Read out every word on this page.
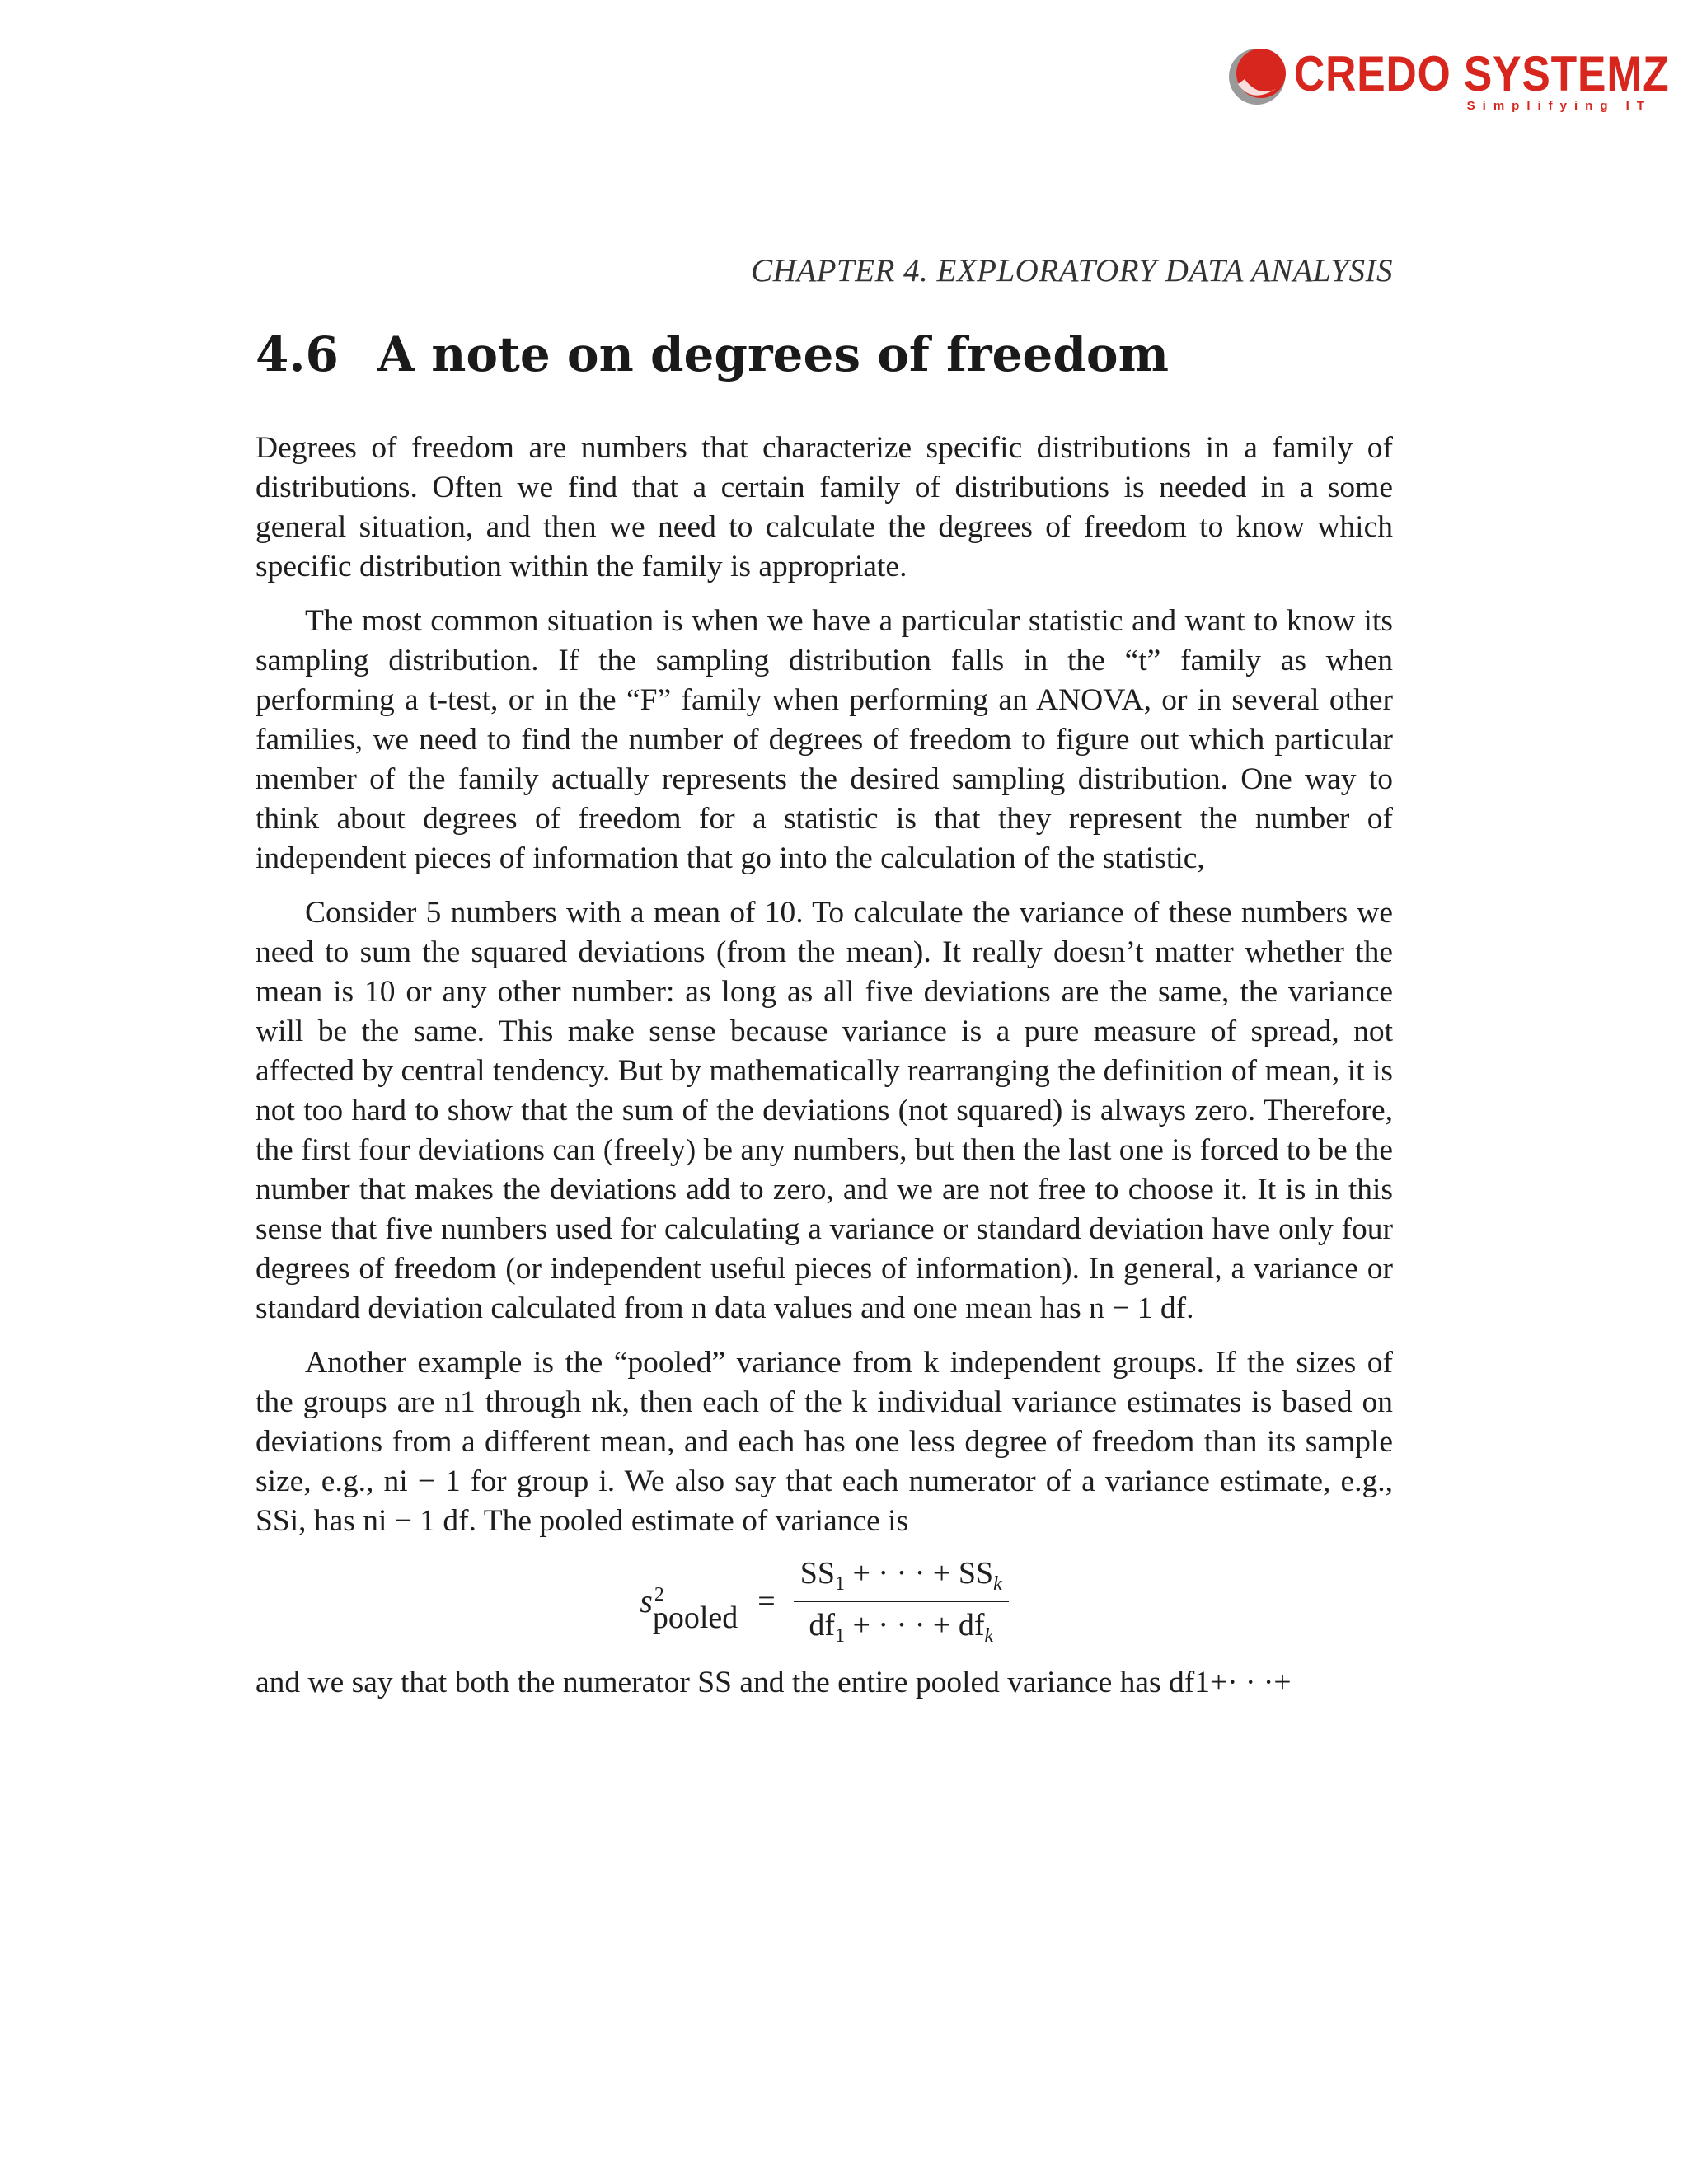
CREDO SYSTEMZ
Simplifying IT
CHAPTER 4. EXPLORATORY DATA ANALYSIS
4.6 A note on degrees of freedom

Degrees of freedom are numbers that characterize specific distributions in a family of distributions. Often we find that a certain family of distributions is needed in a some general situation, and then we need to calculate the degrees of freedom to know which specific distribution within the family is appropriate.

The most common situation is when we have a particular statistic and want to know its sampling distribution. If the sampling distribution falls in the “t” family as when performing a t-test, or in the “F” family when performing an ANOVA, or in several other families, we need to find the number of degrees of freedom to figure out which particular member of the family actually represents the desired sampling distribution. One way to think about degrees of freedom for a statistic is that they represent the number of independent pieces of information that go into the calculation of the statistic,

Consider 5 numbers with a mean of 10. To calculate the variance of these numbers we need to sum the squared deviations (from the mean). It really doesn’t matter whether the mean is 10 or any other number: as long as all five deviations are the same, the variance will be the same. This make sense because variance is a pure measure of spread, not affected by central tendency. But by mathematically rearranging the definition of mean, it is not too hard to show that the sum of the deviations (not squared) is always zero. Therefore, the first four deviations can (freely) be any numbers, but then the last one is forced to be the number that makes the deviations add to zero, and we are not free to choose it. It is in this sense that five numbers used for calculating a variance or standard deviation have only four degrees of freedom (or independent useful pieces of information). In general, a variance or standard deviation calculated from n data values and one mean has n − 1 df.

Another example is the “pooled” variance from k independent groups. If the sizes of the groups are n1 through nk, then each of the k individual variance estimates is based on deviations from a different mean, and each has one less degree of freedom than its sample size, e.g., ni − 1 for group i. We also say that each numerator of a variance estimate, e.g., SSi, has ni − 1 df. The pooled estimate of variance is

s 2
pooled = $\frac{SS_1 + \cdot \cdot \cdot + SS_k}{df_1 + \cdot \cdot \cdot + df_k}$

and we say that both the numerator SS and the entire pooled variance has df1+· · ·+
